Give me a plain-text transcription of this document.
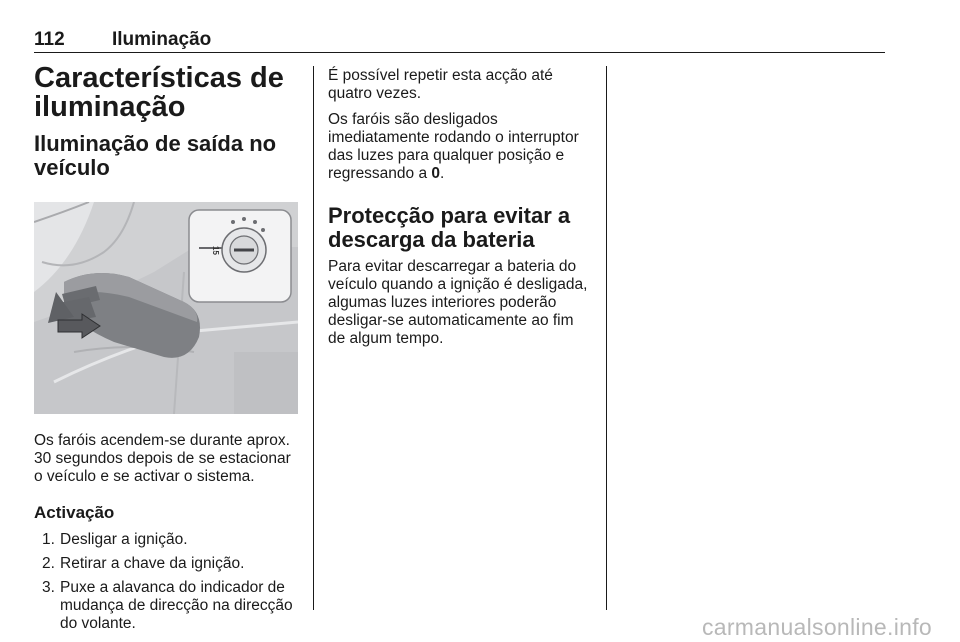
112 Iluminação
Características de iluminação
Iluminação de saída no veículo
15

Os faróis acendem-se durante aprox. 30 segundos depois de se estacionar o veículo e se activar o sistema.

Activação
1. Desligar a ignição.
2. Retirar a chave da ignição.
3. Puxe a alavanca do indicador de mudança de direcção na direcção do volante.

É possível repetir esta acção até quatro vezes.

Os faróis são desligados imediatamente rodando o interruptor das luzes para qualquer posição e regressando a 0.

Protecção para evitar a descarga da bateria

Para evitar descarregar a bateria do veículo quando a ignição é desligada, algumas luzes interiores poderão desligar-se automaticamente ao fim de algum tempo.

carmanualsonline.info
